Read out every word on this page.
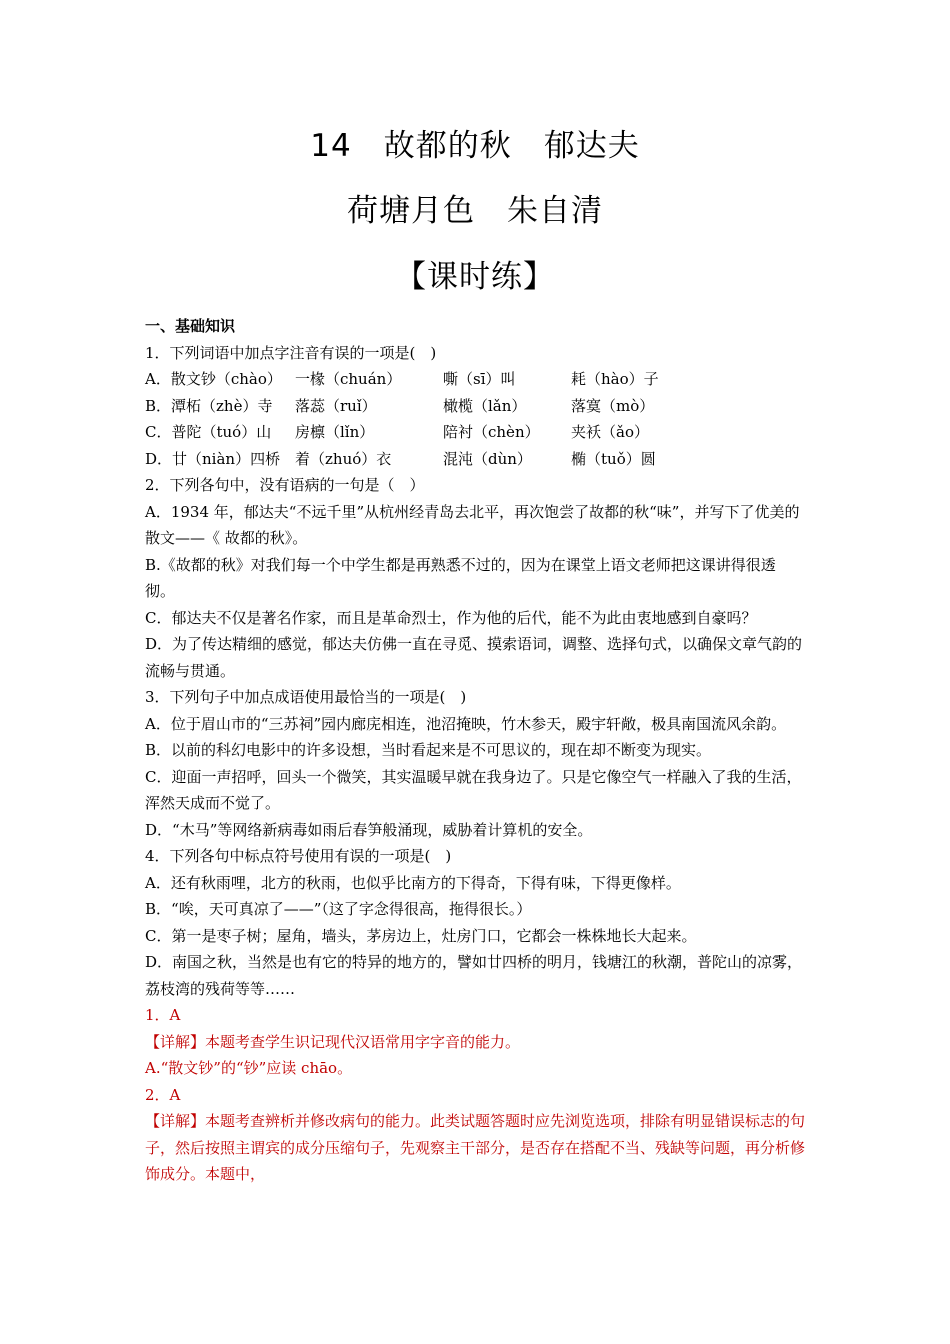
14　故都的秋　郁达夫
荷塘月色　朱自清
【课时练】
一、基础知识
1．下列词语中加点字注音有误的一项是(　)
A．散文钞（chào） 一椽（chuán）	嘶（sī）叫	耗（hào）子
B．潭柘（zhè）寺 落蕊（ruǐ）	橄榄（lǎn）	落寞（mò）
C．普陀（tuó）山 房檩（lǐn）	陪衬（chèn） 夹袄（ǎo）
D．廿（niàn）四桥 着（zhuó）衣	混沌（dùn）	椭（tuǒ）圆
2．下列各句中，没有语病的一句是（　）
A．1934 年，郁达夫“不远千里”从杭州经青岛去北平，再次饱尝了故都的秋“味”，并写下了优美的散文——《 故都的秋》。
B.《故都的秋》对我们每一个中学生都是再熟悉不过的，因为在课堂上语文老师把这课讲得很透彻。
C．郁达夫不仅是著名作家，而且是革命烈士，作为他的后代，能不为此由衷地感到自豪吗？
D．为了传达精细的感觉，郁达夫仿佛一直在寻觅、摸索语词，调整、选择句式，以确保文章气韵的流畅与贯通。
3．下列句子中加点成语使用最恰当的一项是(　)
A．位于眉山市的“三苏祠”园内廊庑相连，池沼掩映，竹木参天，殿宇轩敞，极具南国流风余韵。
B．以前的科幻电影中的许多设想，当时看起来是不可思议的，现在却不断变为现实。
C．迎面一声招呼，回头一个微笑，其实温暖早就在我身边了。只是它像空气一样融入了我的生活，浑然天成而不觉了。
D．“木马”等网络新病毒如雨后春笋般涌现，威胁着计算机的安全。
4．下列各句中标点符号使用有误的一项是(　)
A．还有秋雨哩，北方的秋雨，也似乎比南方的下得奇，下得有味，下得更像样。
B．“唉，天可真凉了——”（这了字念得很高，拖得很长。）
C．第一是枣子树；屋角，墙头，茅房边上，灶房门口，它都会一株株地长大起来。
D．南国之秋，当然是也有它的特异的地方的，譬如廿四桥的明月，钱塘江的秋潮，普陀山的凉雾，荔枝湾的残荷等等……
1．A
【详解】本题考查学生识记现代汉语常用字字音的能力。
A.“散文钞”的“钞”应读 chāo。
2．A
【详解】本题考查辨析并修改病句的能力。此类试题答题时应先浏览选项，排除有明显错误标志的句子，然后按照主谓宾的成分压缩句子，先观察主干部分，是否存在搭配不当、残缺等问题，再分析修饰成分。本题中，
